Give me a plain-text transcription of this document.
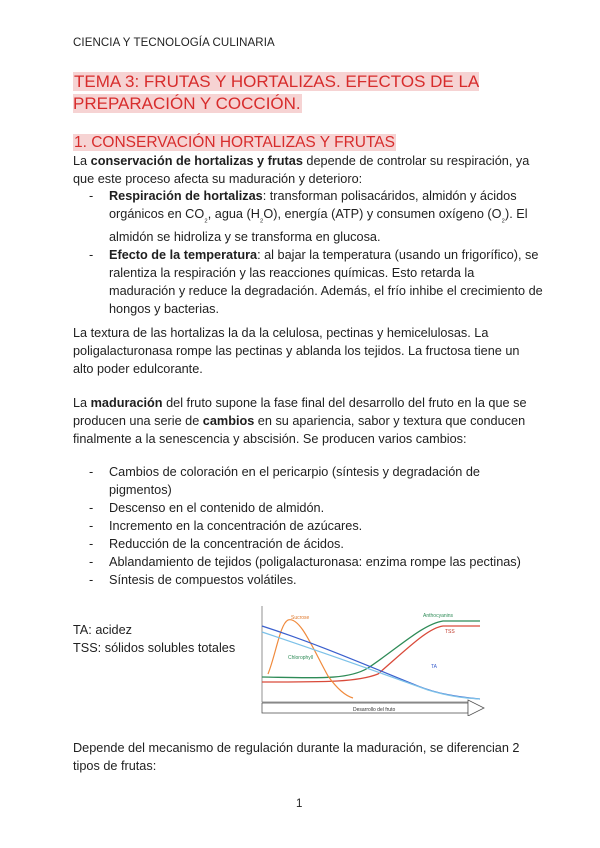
CIENCIA Y TECNOLOGÍA CULINARIA
TEMA 3: FRUTAS Y HORTALIZAS. EFECTOS DE LA PREPARACIÓN Y COCCIÓN.
1. CONSERVACIÓN HORTALIZAS Y FRUTAS
La conservación de hortalizas y frutas depende de controlar su respiración, ya que este proceso afecta su maduración y deterioro:
- Respiración de hortalizas: transforman polisacáridos, almidón y ácidos orgánicos en $CO_{_2}$, agua $(H_{_2}O)$, energía (ATP) y consumen oxígeno $(O_{_2})$. El almidón se hidroliza y se transforma en glucosa.
- Efecto de la temperatura: al bajar la temperatura (usando un frigorífico), se ralentiza la respiración y las reacciones químicas. Esto retarda la maduración y reduce la degradación. Además, el frío inhibe el crecimiento de hongos y bacterias.
La textura de las hortalizas la da la celulosa, pectinas y hemicelulosas. La poligalacturonasa rompe las pectinas y ablanda los tejidos. La fructosa tiene un alto poder edulcorante.
La maduración del fruto supone la fase final del desarrollo del fruto en la que se producen una serie de cambios en su apariencia, sabor y textura que conducen finalmente a la senescencia y abscisión. Se producen varios cambios:
- Cambios de coloración en el pericarpio (síntesis y degradación de pigmentos)
- Descenso en el contenido de almidón.
- Incremento en la concentración de azúcares.
- Reducción de la concentración de ácidos.
- Ablandamiento de tejidos (poligalacturonasa: enzima rompe las pectinas)
- Síntesis de compuestos volátiles.
TA: acidez
TSS: sólidos solubles totales
Desarrollo del fruto
Sucrose
Chlorophyll
Anthocyanins
TSS
TA
Depende del mecanismo de regulación durante la maduración, se diferencian 2 tipos de frutas:
1
